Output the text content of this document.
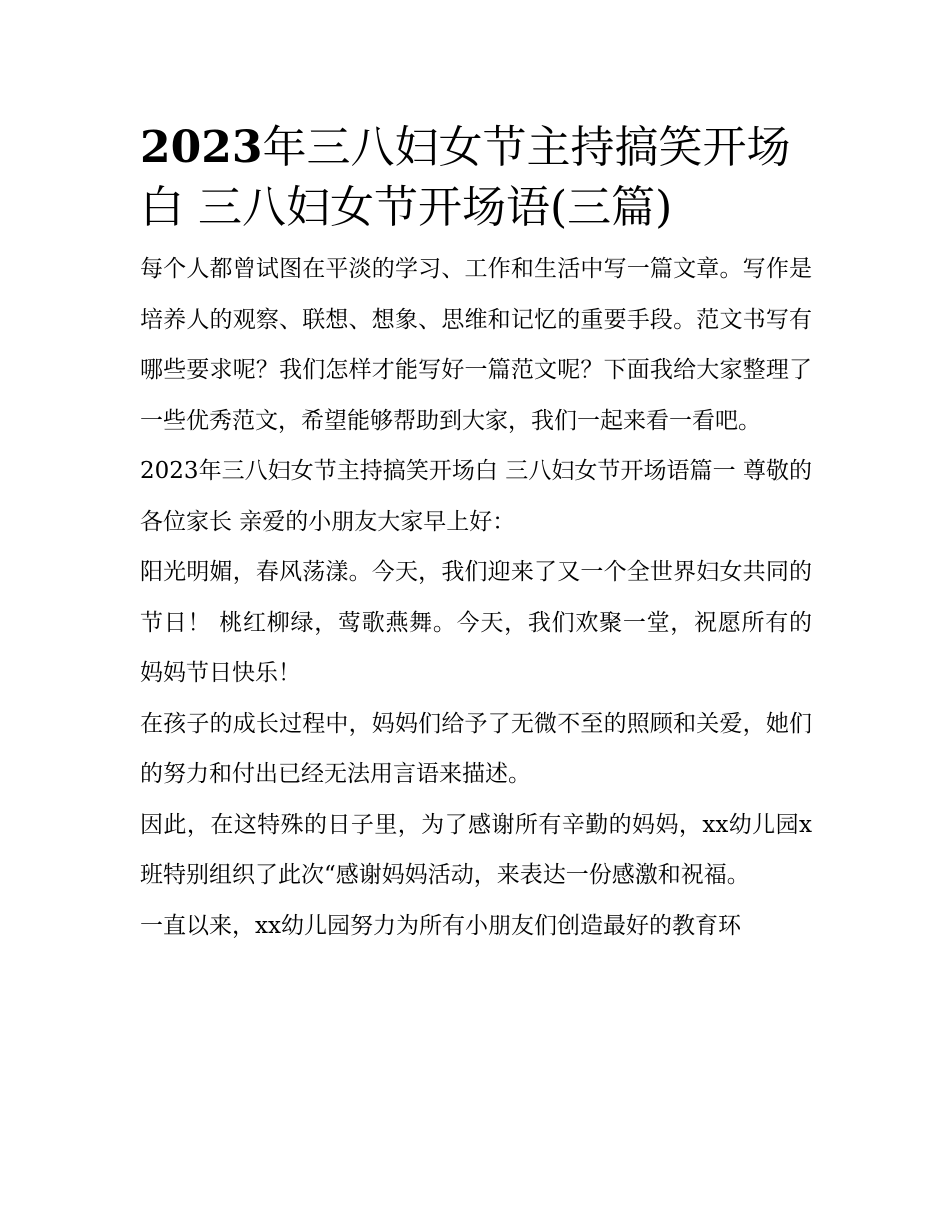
2023年三八妇女节主持搞笑开场白 三八妇女节开场语(三篇)

每个人都曾试图在平淡的学习、工作和生活中写一篇文章。写作是培养人的观察、联想、想象、思维和记忆的重要手段。范文书写有哪些要求呢？我们怎样才能写好一篇范文呢？下面我给大家整理了一些优秀范文，希望能够帮助到大家，我们一起来看一看吧。

2023年三八妇女节主持搞笑开场白 三八妇女节开场语篇一 尊敬的各位家长 亲爱的小朋友大家早上好：

阳光明媚，春风荡漾。今天，我们迎来了又一个全世界妇女共同的节日！ 桃红柳绿，莺歌燕舞。今天，我们欢聚一堂，祝愿所有的妈妈节日快乐！

在孩子的成长过程中，妈妈们给予了无微不至的照顾和关爱，她们的努力和付出已经无法用言语来描述。

因此，在这特殊的日子里，为了感谢所有辛勤的妈妈，xx幼儿园x班特别组织了此次“感谢妈妈活动，来表达一份感激和祝福。

一直以来，xx幼儿园努力为所有小朋友们创造最好的教育环
